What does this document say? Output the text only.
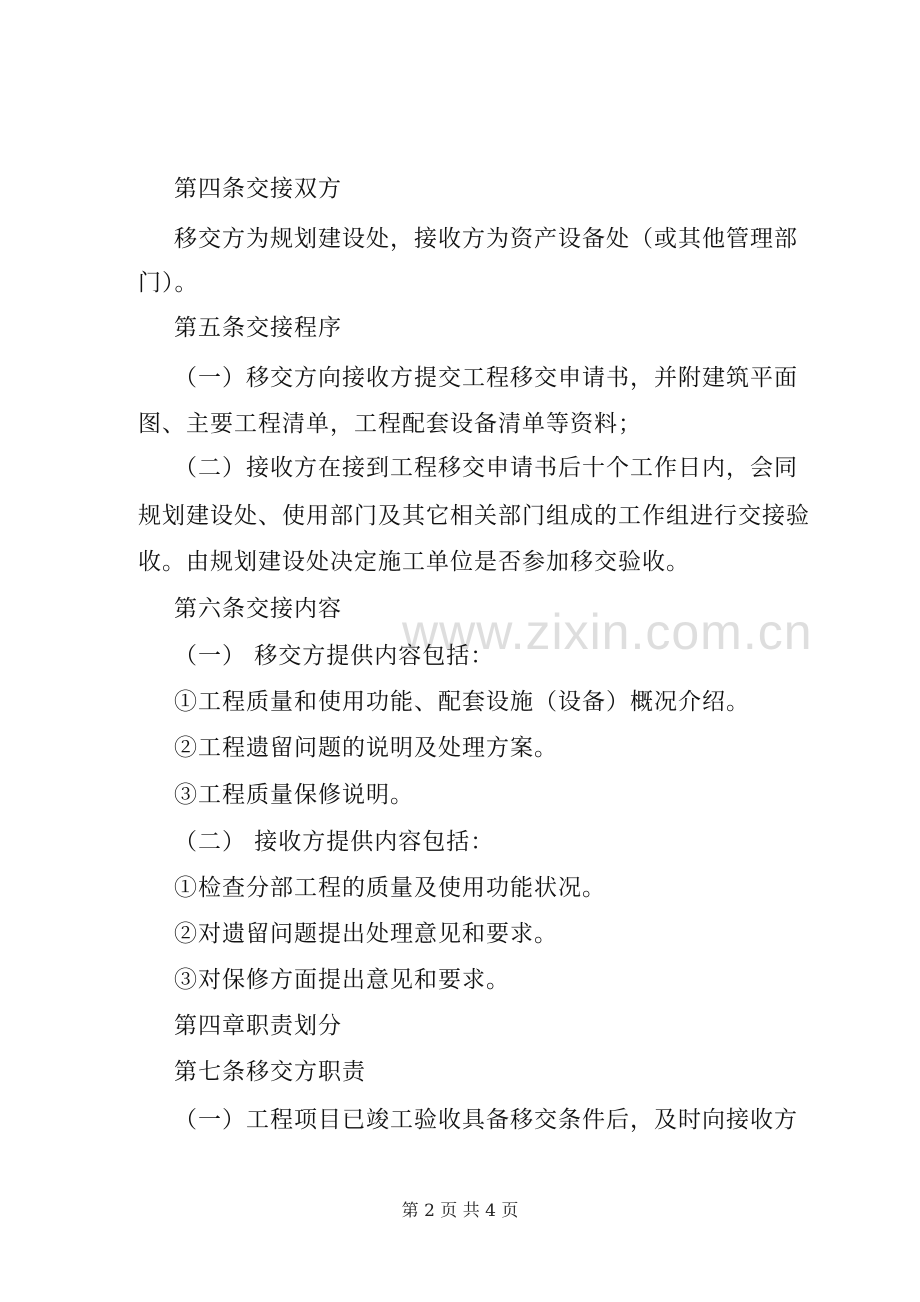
www.zixin.com.cn

第四条交接双方

移交方为规划建设处，接收方为资产设备处（或其他管理部

门）。

第五条交接程序

（一）移交方向接收方提交工程移交申请书，并附建筑平面

图、主要工程清单，工程配套设备清单等资料；

（二）接收方在接到工程移交申请书后十个工作日内，会同

规划建设处、使用部门及其它相关部门组成的工作组进行交接验

收。由规划建设处决定施工单位是否参加移交验收。

第六条交接内容

（一） 移交方提供内容包括：

①工程质量和使用功能、配套设施（设备）概况介绍。

②工程遗留问题的说明及处理方案。

③工程质量保修说明。

（二） 接收方提供内容包括：

①检查分部工程的质量及使用功能状况。

②对遗留问题提出处理意见和要求。

③对保修方面提出意见和要求。

第四章职责划分

第七条移交方职责

（一）工程项目已竣工验收具备移交条件后，及时向接收方

第 2 页 共 4 页
